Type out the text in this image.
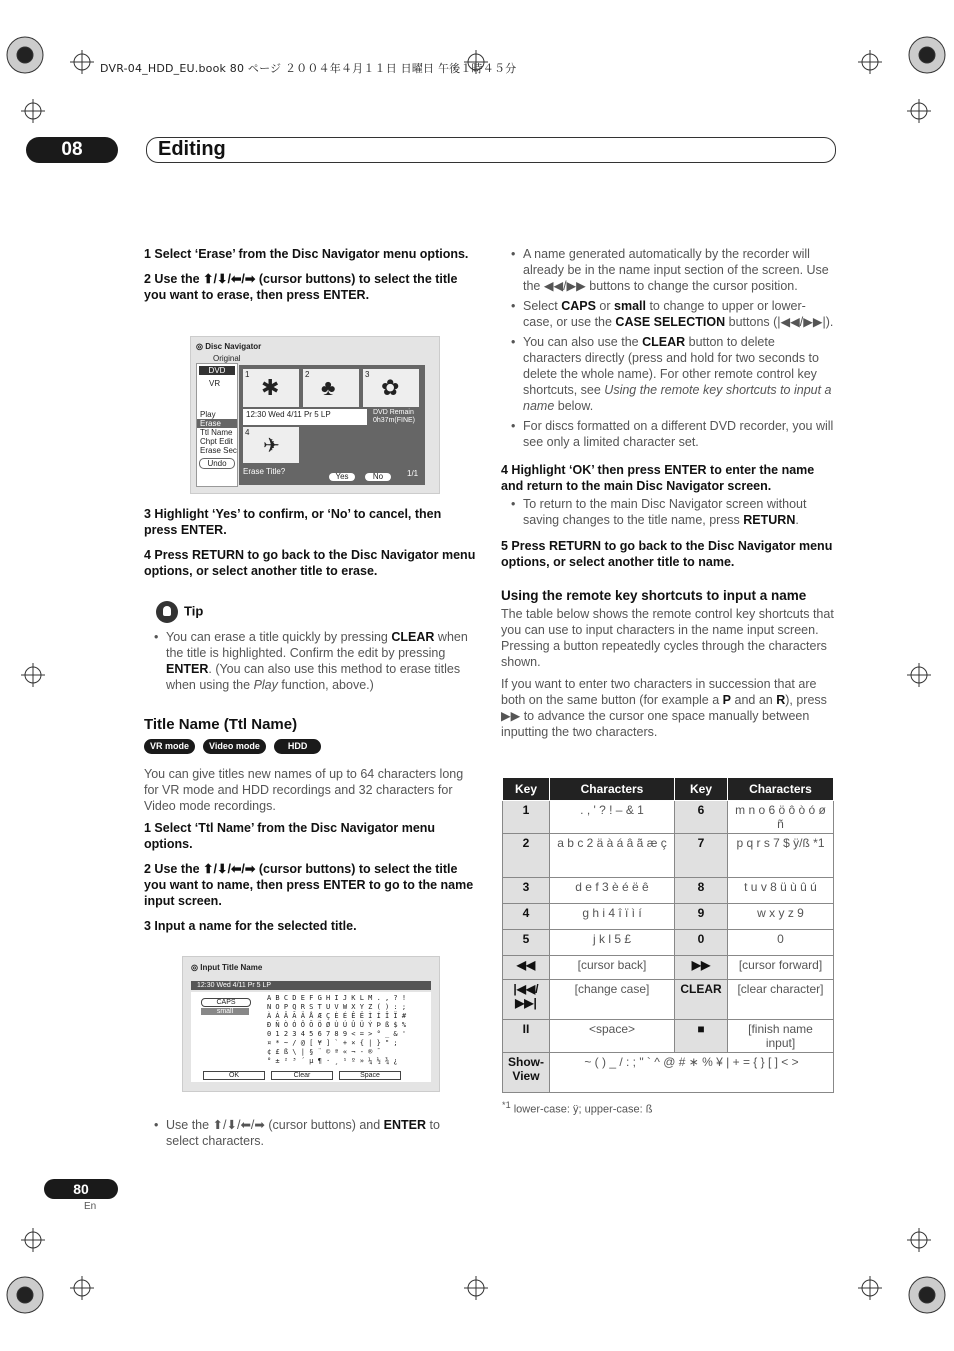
DVR-04_HDD_EU.book 80 ページ ２００４年４月１１日 日曜日 午後１時４５分
08	Editing

1 Select ‘Erase’ from the Disc Navigator menu options.

2 Use the ⬆/⬇/⬅/➡ (cursor buttons) to select the title you want to erase, then press ENTER.

◎ Disc Navigator
Original
DVD
VR
Play
Erase
Ttl Name
Chpt Edit
Erase Sec
Undo
1
✱
2
♣
3
✿
12:30 Wed 4/11 Pr 5 LP	DVD Remain
0h37m(FINE)
4
✈
Erase Title?
Yes	No	1/1

3 Highlight ‘Yes’ to confirm, or ‘No’ to cancel, then press ENTER.

4 Press RETURN to go back to the Disc Navigator menu options, or select another title to erase.

Tip
• You can erase a title quickly by pressing CLEAR when the title is highlighted. Confirm the edit by pressing ENTER. (You can also use this method to erase titles when using the Play function, above.)
Title Name (Ttl Name)
VR mode	Video mode	HDD

You can give titles new names of up to 64 characters long for VR mode and HDD recordings and 32 characters for Video mode recordings.

1 Select ‘Ttl Name’ from the Disc Navigator menu options.

2 Use the ⬆/⬇/⬅/➡ (cursor buttons) to select the title you want to name, then press ENTER to go to the name input screen.

3 Input a name for the selected title.

◎ Input Title Name
12:30 Wed 4/11 Pr 5 LP
CAPS
small
A B C D E F G H I J K L M . , ? !
N O P Q R S T U V W X Y Z ( ) : ;
À Á Â Ã Ä Å Æ Ç È É Ê Ë Ì Í Î Ï #
Ð Ñ Ò Ó Ô Õ Ö Ø Ù Ú Û Ü Ý Þ ß $ %
0 1 2 3 4 5 6 7 8 9 < = > ° _ & '
¤ * ~ / @ [ ¥ ] ` + × { | } " ;
¢ £ ß \ | § ¨ © ª « ¬ - ® ¯
° ± ² ³ ´ µ ¶ · ¸ ¹ º » ¼ ½ ¾ ¿
OK	Clear	Space
• Use the ⬆/⬇/⬅/➡ (cursor buttons) and ENTER to select characters.
• A name generated automatically by the recorder will already be in the name input section of the screen. Use the ◀◀/▶▶ buttons to change the cursor position.
• Select CAPS or small to change to upper or lower-case, or use the CASE SELECTION buttons (|◀◀/▶▶|).
• You can also use the CLEAR button to delete characters directly (press and hold for two seconds to delete the whole name). For other remote control key shortcuts, see Using the remote key shortcuts to input a name below.
• For discs formatted on a different DVD recorder, you will see only a limited character set.

4 Highlight ‘OK’ then press ENTER to enter the name and return to the main Disc Navigator screen.

• To return to the main Disc Navigator screen without saving changes to the title name, press RETURN.

5 Press RETURN to go back to the Disc Navigator menu options, or select another title to name.

Using the remote key shortcuts to input a name

The table below shows the remote control key shortcuts that you can use to input characters in the name input screen. Pressing a button repeatedly cycles through the characters shown.

If you want to enter two characters in succession that are both on the same button (for example a P and an R), press ▶▶ to advance the cursor one space manually between inputting the two characters.

Key	Characters	Key	Characters
1	. , ' ? ! – & 1	6	m n o 6 ö ô ò ó ø ñ
2	a b c 2 ä à á â ã æ ç	7	p q r s 7 $ ÿ/ß *1
3	d e f 3 è é ë ê	8	t u v 8 ü ù û ú
4	g h i 4 î ï ì í	9	w x y z 9
5	j k l 5 £	0	0
◀◀	[cursor back]	▶▶	[cursor forward]
|◀◀/ ▶▶|	[change case]	CLEAR	[clear character]
II	<space>	■	[finish name input]
Show-View	~ ( ) _ / : ; " ` ^ @ # ∗ % ¥ | + = { } [ ] < >		
$^{*1}$ lower-case: ÿ; upper-case: ß
80
En
